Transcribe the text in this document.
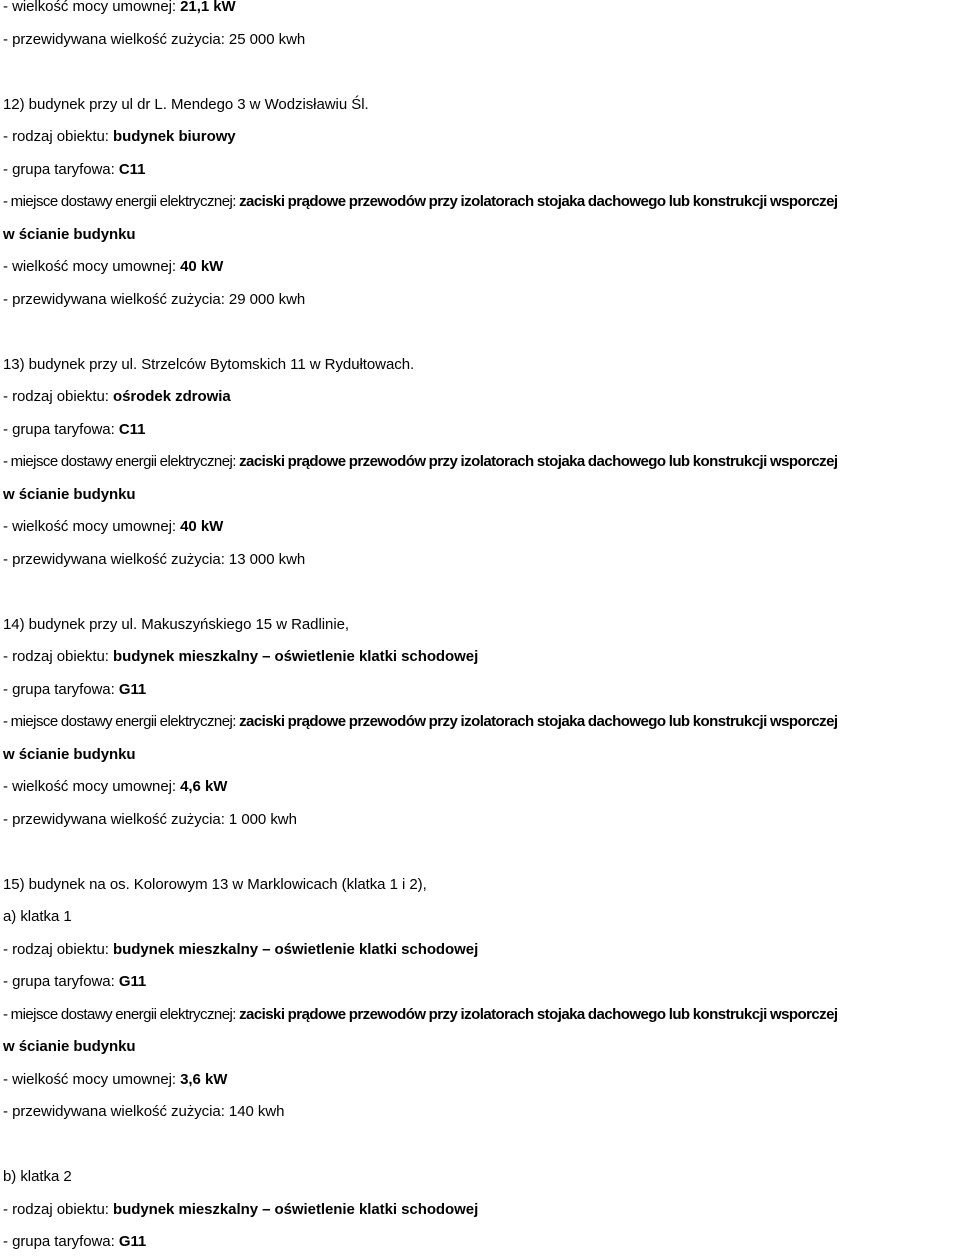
- wielkość mocy umownej: 21,1 kW
- przewidywana wielkość zużycia: 25 000 kwh
12) budynek przy ul dr L. Mendego 3 w Wodzisławiu Śl.
- rodzaj obiektu: budynek biurowy
- grupa taryfowa: C11
- miejsce dostawy energii elektrycznej: zaciski prądowe przewodów przy izolatorach stojaka dachowego lub konstrukcji wsporczej
w ścianie budynku
- wielkość mocy umownej: 40 kW
- przewidywana wielkość zużycia: 29 000 kwh
13) budynek przy ul. Strzelców Bytomskich 11 w Rydułtowach.
- rodzaj obiektu: ośrodek zdrowia
- grupa taryfowa: C11
- miejsce dostawy energii elektrycznej: zaciski prądowe przewodów przy izolatorach stojaka dachowego lub konstrukcji wsporczej
w ścianie budynku
- wielkość mocy umownej: 40 kW
- przewidywana wielkość zużycia: 13 000 kwh
14) budynek przy ul. Makuszyńskiego 15 w Radlinie,
- rodzaj obiektu: budynek mieszkalny – oświetlenie klatki schodowej
- grupa taryfowa: G11
- miejsce dostawy energii elektrycznej: zaciski prądowe przewodów przy izolatorach stojaka dachowego lub konstrukcji wsporczej
w ścianie budynku
- wielkość mocy umownej: 4,6 kW
- przewidywana wielkość zużycia: 1 000 kwh
15) budynek na os. Kolorowym 13 w Marklowicach (klatka 1 i 2),
a) klatka 1
- rodzaj obiektu: budynek mieszkalny – oświetlenie klatki schodowej
- grupa taryfowa: G11
- miejsce dostawy energii elektrycznej: zaciski prądowe przewodów przy izolatorach stojaka dachowego lub konstrukcji wsporczej
w ścianie budynku
- wielkość mocy umownej: 3,6 kW
- przewidywana wielkość zużycia: 140 kwh
b) klatka 2
- rodzaj obiektu: budynek mieszkalny – oświetlenie klatki schodowej
- grupa taryfowa: G11
